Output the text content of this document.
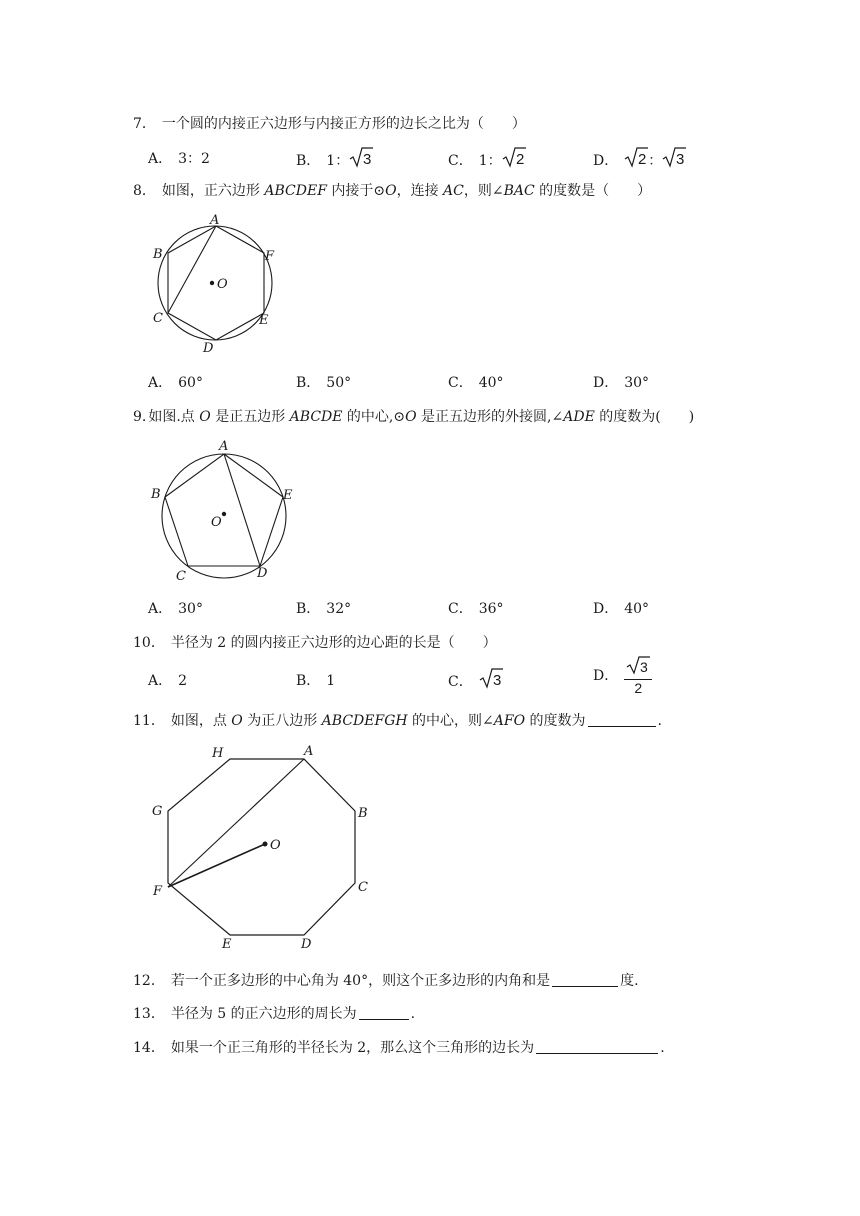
7． 一个圆的内接正六边形与内接正方形的边长之比为（　　）
A． 3：2	B． 1： 3	C． 1： 2	D． 2 ： 3
8． 如图，正六边形 ABCDEF 内接于⊙O，连接 AC，则∠BAC 的度数是（　　）
A
B
C
D
E
F
O
A． 60°	B． 50°	C． 40°	D． 30°
9. 如图.点 O 是正五边形 ABCDE 的中心,⊙O 是正五边形的外接圆,∠ADE 的度数为(　　)
A
B
C	D
E
O
A． 30°	B． 32°	C． 36°	D． 40°
10． 半径为 2 的圆内接正六边形的边心距的长是（　　）
A． 2	B． 1	C． 3	D． $\frac{3}{2}$
11． 如图，点 O 为正八边形 ABCDEFGH 的中心，则∠AFO 的度数为	.
A
B
C
D
E
F
G
H
O
12． 若一个正多边形的中心角为 40°，则这个正多边形的内角和是	度.
13． 半径为 5 的正六边形的周长为	.
14． 如果一个正三角形的半径长为 2，那么这个三角形的边长为	.
